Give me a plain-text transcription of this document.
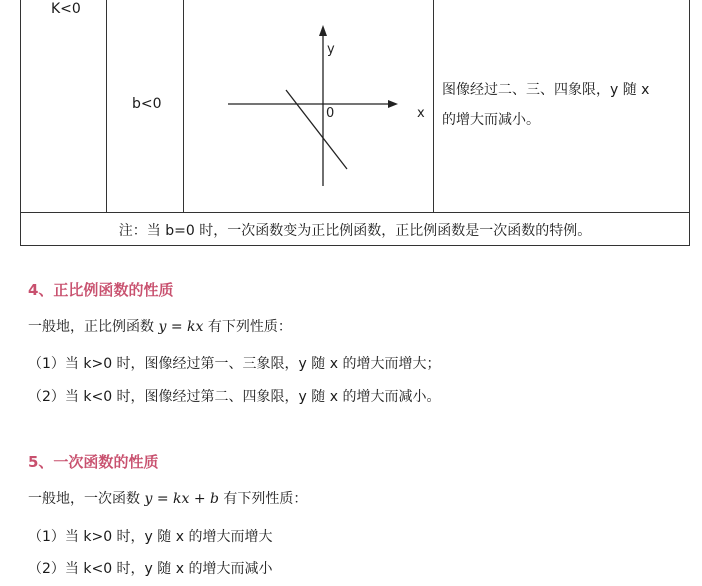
K<0
b<0
y
x
0
图像经过二、三、四象限，y 随 x
的增大而减小。
注：当 b=0 时，一次函数变为正比例函数，正比例函数是一次函数的特例。
4、正比例函数的性质
一般地，正比例函数 y = kx 有下列性质：
（1）当 k>0 时，图像经过第一、三象限，y 随 x 的增大而增大；
（2）当 k<0 时，图像经过第二、四象限，y 随 x 的增大而减小。
5、一次函数的性质
一般地，一次函数 y = kx + b 有下列性质：
（1）当 k>0 时，y 随 x 的增大而增大
（2）当 k<0 时，y 随 x 的增大而减小
